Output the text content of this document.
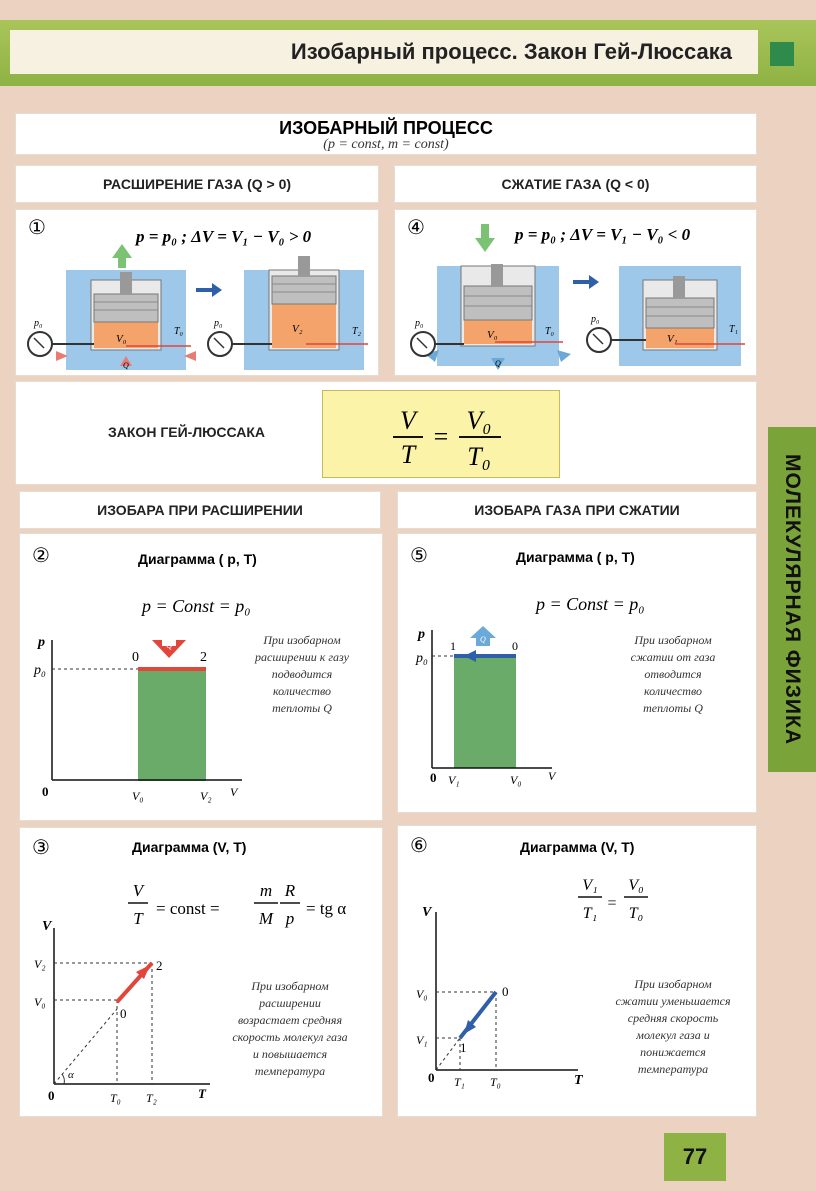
Изобарный процесс. Закон Гей-Люссака
ИЗОБАРНЫЙ ПРОЦЕСС
(p = const, m = const)
РАСШИРЕНИЕ ГАЗА (Q > 0)	СЖАТИЕ ГАЗА (Q < 0)
①	p = p₀ ; ΔV = V₁ − V₀ > 0
V₀
T₀
Q
p₀	V₂	T₂
p₀
④	p = p₀ ; ΔV = V₁ − V₀ < 0
V₀	T₀
Q
p₀
V₁
T₁
p₀
ЗАКОН ГЕЙ-ЛЮССАКА	V
T
=
V₀
T₀
ИЗОБАРА ПРИ РАСШИРЕНИИ	ИЗОБАРА ГАЗА ПРИ СЖАТИИ
②	Диаграмма ( p, T)
p = Const = p₀
Q
p
p₀
0	2
0	V₀	V₂ V
При изобарном
расширении к газу
подводится
количество
теплоты Q
⑤	Диаграмма ( p, T)
p = Const = p₀
Q
p
p₀
1	0
0 V₁	V₀ V
При изобарном
сжатии от газа
отводится
количество
теплоты Q
③	Диаграмма (V, T)
V
T
= const =
m
M
R
p
= tg α
α
V
V₂
V₀
0
2
0	T₀ T₂	T
При изобарном
расширении
возрастает средняя
скорость молекул газа
и повышается
температура
⑥	Диаграмма (V, T)
V₁
T₁
=
V₀
T₀
V
V₀
V₁
0
1
0 T₁ T₀	T
При изобарном
сжатии уменьшается
средняя скорость
молекул газа и
понижается
температура
МОЛЕКУЛЯРНАЯ ФИЗИКА
77
